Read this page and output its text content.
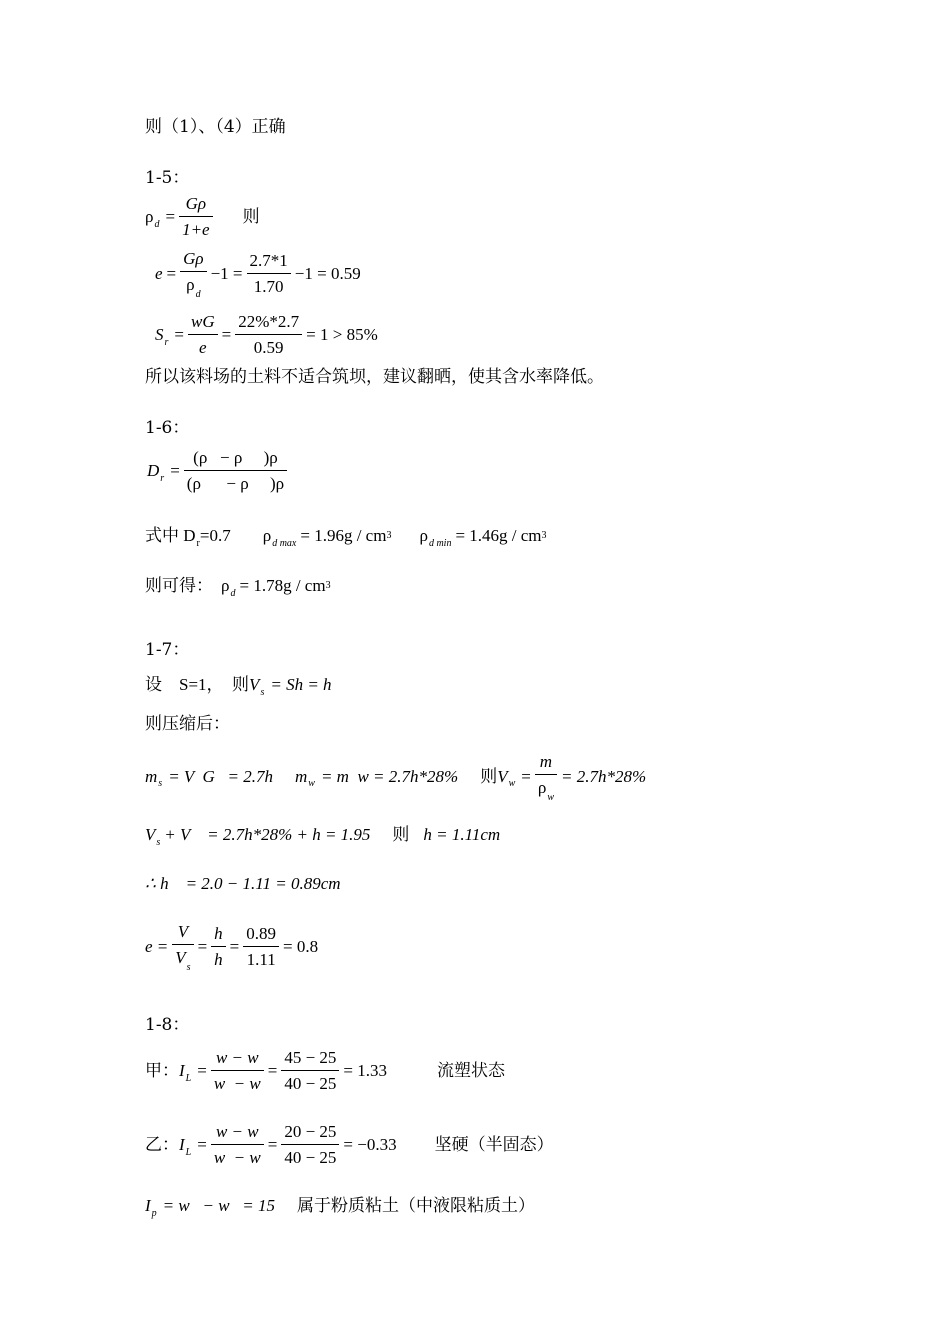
则（1）、（4）正确
1-5：
ρ $d = \frac{G\rho}{1+e}$ 则
$e = \frac{G\rho}{\rho_d} -1 = \frac{2.7*1}{1.70} -1 = 0.59$
S $r = \frac{wG}{e} = \frac{22\%*2.7}{0.59} = 1 > 85\%$
所以该料场的土料不适合筑坝，建议翻晒，使其含水率降低。
1-6：
D $r = \frac{(\rho - \rho )\rho}{(\rho - \rho )\rho}$
式中 D r =0.7 ρ d max = 1.96g / cm 3 ρ d min = 1.46g / cm 3
则可得： ρ d = 1.78g / cm 3
1-7：
设    S=1，  则 V s = Sh = h
则压缩后：
m s = V  G   = 2.7h m w = m  w = 2.7h*28% 则 V $w = \frac{m}{\rho_w} = 2.7h*28\%$
V s + V    = 2.7h*28% + h = 1.95 则 h = 1.11cm
∴ h    = 2.0 − 1.11 = 0.89cm
$e = \frac{V}{V_s} = \frac{h}{h} = \frac{0.89}{1.11} = 0.8$
1-8：
甲： I $L = \frac{w - w}{w - w} = \frac{45 - 25}{40 - 25} = 1.33$	流塑状态
乙： I $L = \frac{w - w}{w - w} = \frac{20 - 25}{40 - 25} = -0.33$ 坚硬（半固态）
I p = w   − w   = 15 属于粉质粘土（中液限粘质土）
